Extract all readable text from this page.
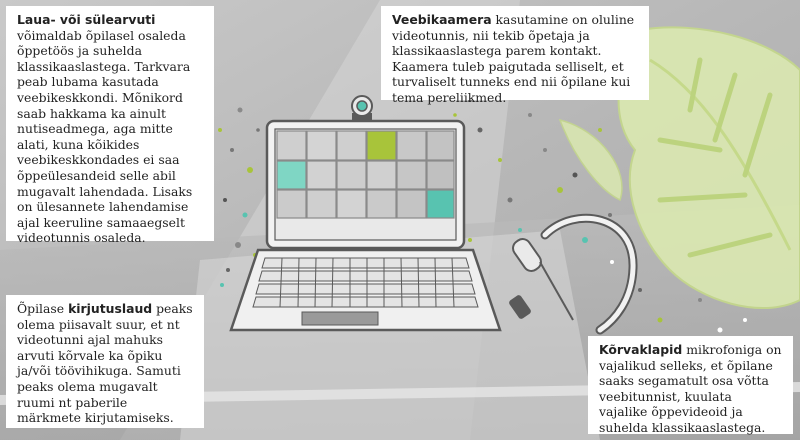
Laua- või sülearvuti võimaldab õpilasel osaleda õppetöös ja suhelda klassikaaslastega. Tarkvara peab lubama kasutada veebikeskkondi. Mõnikord saab hakkama ka ainult nutiseadmega, aga mitte alati, kuna kõikides veebikeskkondades ei saa õppeülesandeid selle abil mugavalt lahendada. Lisaks on ülesannete lahendamise ajal keeruline samaaegselt videotunnis osaleda.
Veebikaamera kasutamine on oluline videotunnis, nii tekib õpetaja ja klassikaaslastega parem kontakt. Kaamera tuleb paigutada selliselt, et turvaliselt tunneks end nii õpilane kui tema pereliikmed.
Õpilase kirjutuslaud peaks olema piisavalt suur, et nt videotunni ajal mahuks arvuti kõrvale ka õpiku ja/või töövihikuga. Samuti peaks olema mugavalt ruumi nt paberile märkmete kirjutamiseks.
Kõrvaklapid mikrofoniga on vajalikud selleks, et õpilane saaks segamatult osa võtta veebitunnist, kuulata vajalike õppevideoid ja suhelda klassikaaslastega.
